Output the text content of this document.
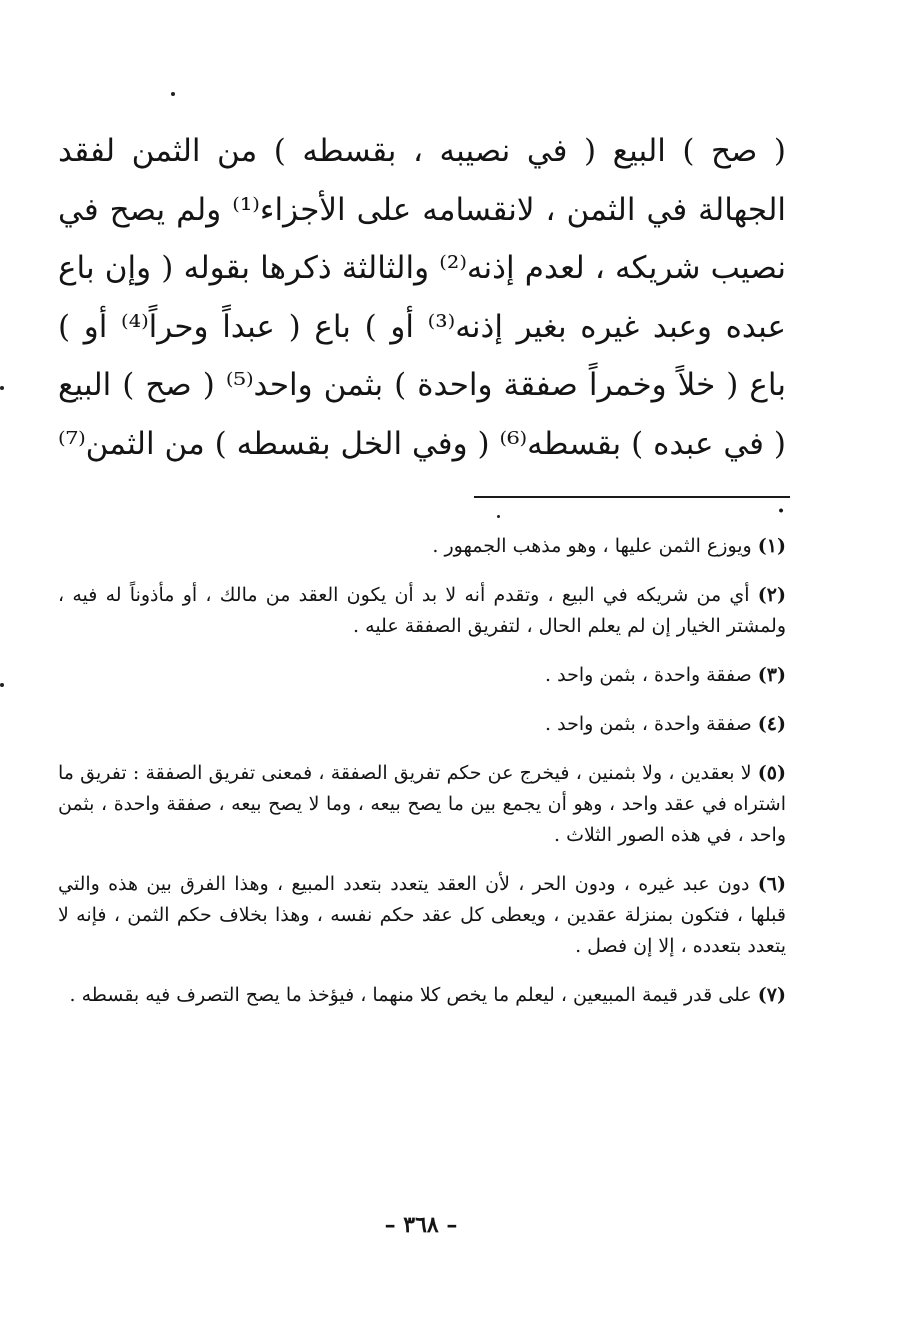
( صح ) البيع ( في نصيبه ، بقسطه ) من الثمن لفقد الجهالة في الثمن ، لانقسامه على الأجزاء⁽¹⁾ ولم يصح في نصيب شريكه ، لعدم إذنه⁽²⁾ والثالثة ذكرها بقوله ( وإن باع عبده وعبد غيره بغير إذنه⁽³⁾ أو ) باع ( عبداً وحراً⁽⁴⁾ أو ) باع ( خلاً وخمراً صفقة واحدة ) بثمن واحد⁽⁵⁾ ( صح ) البيع ( في عبده ) بقسطه⁽⁶⁾ ( وفي الخل بقسطه ) من الثمن⁽⁷⁾ .

(١) ويوزع الثمن عليها ، وهو مذهب الجمهور .

(٢) أي من شريكه في البيع ، وتقدم أنه لا بد أن يكون العقد من مالك ، أو مأذوناً له فيه ، ولمشتر الخيار إن لم يعلم الحال ، لتفريق الصفقة عليه .

(٣) صفقة واحدة ، بثمن واحد .

(٤) صفقة واحدة ، بثمن واحد .

(٥) لا بعقدين ، ولا بثمنين ، فيخرج عن حكم تفريق الصفقة ، فمعنى تفريق الصفقة : تفريق ما اشتراه في عقد واحد ، وهو أن يجمع بين ما يصح بيعه ، وما لا يصح بيعه ، صفقة واحدة ، بثمن واحد ، في هذه الصور الثلاث .

(٦) دون عبد غيره ، ودون الحر ، لأن العقد يتعدد بتعدد المبيع ، وهذا الفرق بين هذه والتي قبلها ، فتكون بمنزلة عقدين ، ويعطى كل عقد حكم نفسه ، وهذا بخلاف حكم الثمن ، فإنه لا يتعدد بتعدده ، إلا إن فصل .

(٧) على قدر قيمة المبيعين ، ليعلم ما يخص كلا منهما ، فيؤخذ ما يصح التصرف فيه بقسطه .

– ٣٦٨ –
